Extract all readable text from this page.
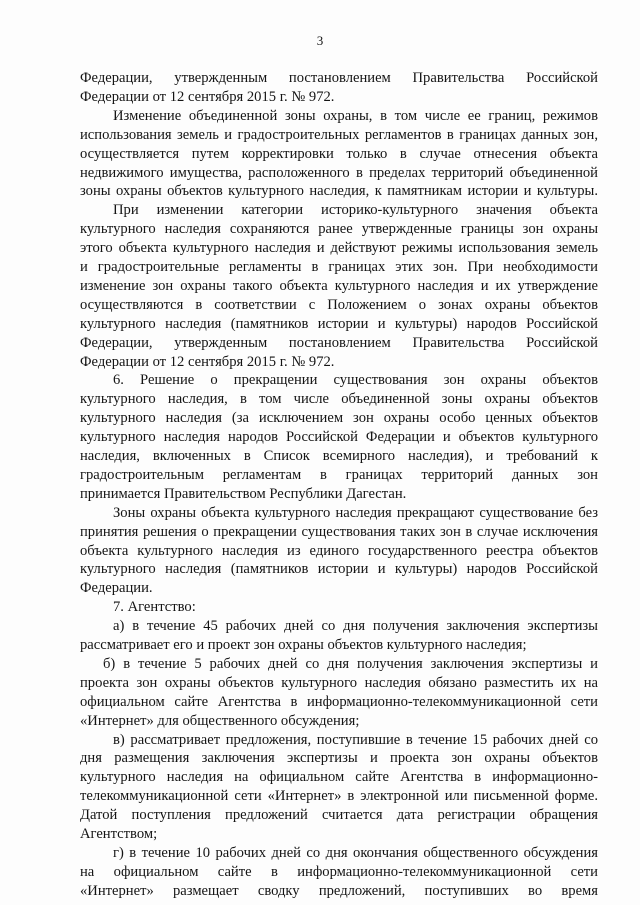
3
Федерации, утвержденным постановлением Правительства Российской
Федерации от 12 сентября 2015 г. № 972.
Изменение объединенной зоны охраны, в том числе ее границ, режимов
использования земель и градостроительных регламентов в границах данных зон,
осуществляется путем корректировки только в случае отнесения объекта
недвижимого имущества, расположенного в пределах территорий объединенной
зоны охраны объектов культурного наследия, к памятникам истории и культуры.
При изменении категории историко-культурного значения объекта
культурного наследия сохраняются ранее утвержденные границы зон охраны
этого объекта культурного наследия и действуют режимы использования земель
и градостроительные регламенты в границах этих зон. При необходимости
изменение зон охраны такого объекта культурного наследия и их утверждение
осуществляются в соответствии с Положением о зонах охраны объектов
культурного наследия (памятников истории и культуры) народов Российской
Федерации, утвержденным постановлением Правительства Российской
Федерации от 12 сентября 2015 г. № 972.
6. Решение о прекращении существования зон охраны объектов
культурного наследия, в том числе объединенной зоны охраны объектов
культурного наследия (за исключением зон охраны особо ценных объектов
культурного наследия народов Российской Федерации и объектов культурного
наследия, включенных в Список всемирного наследия), и требований к
градостроительным регламентам в границах территорий данных зон
принимается Правительством Республики Дагестан.
Зоны охраны объекта культурного наследия прекращают существование без
принятия решения о прекращении существования таких зон в случае исключения
объекта культурного наследия из единого государственного реестра объектов
культурного наследия (памятников истории и культуры) народов Российской
Федерации.
7. Агентство:
а) в течение 45 рабочих дней со дня получения заключения экспертизы
рассматривает его и проект зон охраны объектов культурного наследия;
б) в течение 5 рабочих дней со дня получения заключения экспертизы и
проекта зон охраны объектов культурного наследия обязано разместить их на
официальном сайте Агентства в информационно-телекоммуникационной сети
«Интернет» для общественного обсуждения;
в) рассматривает предложения, поступившие в течение 15 рабочих дней со
дня размещения заключения экспертизы и проекта зон охраны объектов
культурного наследия на официальном сайте Агентства в информационно-
телекоммуникационной сети «Интернет» в электронной или письменной форме.
Датой поступления предложений считается дата регистрации обращения
Агентством;
г) в течение 10 рабочих дней со дня окончания общественного обсуждения
на официальном сайте в информационно-телекоммуникационной сети
«Интернет» размещает сводку предложений, поступивших во время
